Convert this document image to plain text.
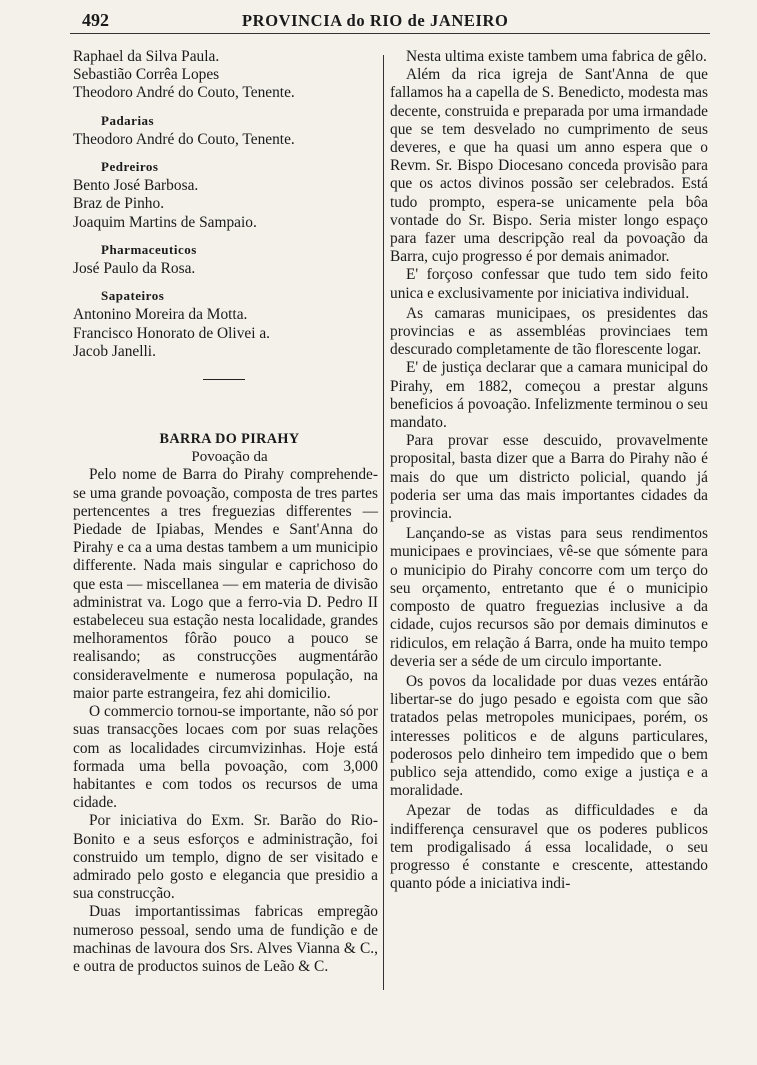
492	PROVINCIA do RIO de JANEIRO

Raphael da Silva Paula.

Sebastião Corrêa Lopes

Theodoro André do Couto, Tenente.

Padarias

Theodoro André do Couto, Tenente.

Pedreiros

Bento José Barbosa.

Braz de Pinho.

Joaquim Martins de Sampaio.

Pharmaceuticos

José Paulo da Rosa.

Sapateiros

Antonino Moreira da Motta.

Francisco Honorato de Olivei a.

Jacob Janelli.

BARRA DO PIRAHY
Povoação da

Pelo nome de Barra do Pirahy comprehende-se uma grande povoação, composta de tres partes pertencentes a tres freguezias differentes — Piedade de Ipiabas, Mendes e Sant'Anna do Pirahy e ca a uma destas tambem a um municipio differente. Nada mais singular e caprichoso do que esta — miscellanea — em materia de divisão administrat va. Logo que a ferro-via D. Pedro II estabeleceu sua estação nesta localidade, grandes melhoramentos fôrão pouco a pouco se realisando; as construcções augmentárão consideravelmente e numerosa população, na maior parte estrangeira, fez ahi domicilio.

O commercio tornou-se importante, não só por suas transacções locaes com por suas relações com as localidades circumvizinhas. Hoje está formada uma bella povoação, com 3,000 habitantes e com todos os recursos de uma cidade.

Por iniciativa do Exm. Sr. Barão do Rio-Bonito e a seus esforços e administração, foi construido um templo, digno de ser visitado e admirado pelo gosto e elegancia que presidio a sua construcção.

Duas importantissimas fabricas empregão numeroso pessoal, sendo uma de fundição e de machinas de lavoura dos Srs. Alves Vianna & C., e outra de productos suinos de Leão & C.

Nesta ultima existe tambem uma fabrica de gêlo.

Além da rica igreja de Sant'Anna de que fallamos ha a capella de S. Benedicto, modesta mas decente, construida e preparada por uma irmandade que se tem desvelado no cumprimento de seus deveres, e que ha quasi um anno espera que o Revm. Sr. Bispo Diocesano conceda provisão para que os actos divinos possão ser celebrados. Está tudo prompto, espera-se unicamente pela bôa vontade do Sr. Bispo. Seria mister longo espaço para fazer uma descripção real da povoação da Barra, cujo progresso é por demais animador.

E' forçoso confessar que tudo tem sido feito unica e exclusivamente por iniciativa individual.

As camaras municipaes, os presidentes das provincias e as assembléas provinciaes tem descurado completamente de tão florescente logar.

E' de justiça declarar que a camara municipal do Pirahy, em 1882, começou a prestar alguns beneficios á povoação. Infelizmente terminou o seu mandato.

Para provar esse descuido, provavelmente proposital, basta dizer que a Barra do Pirahy não é mais do que um districto policial, quando já poderia ser uma das mais importantes cidades da provincia.

Lançando-se as vistas para seus rendimentos municipaes e provinciaes, vê-se que sómente para o municipio do Pirahy concorre com um terço do seu orçamento, entretanto que é o municipio composto de quatro freguezias inclusive a da cidade, cujos recursos são por demais diminutos e ridiculos, em relação á Barra, onde ha muito tempo deveria ser a séde de um circulo importante.

Os povos da localidade por duas vezes entárão libertar-se do jugo pesado e egoista com que são tratados pelas metropoles municipaes, porém, os interesses politicos e de alguns particulares, poderosos pelo dinheiro tem impedido que o bem publico seja attendido, como exige a justiça e a moralidade.

Apezar de todas as difficuldades e da indifferença censuravel que os poderes publicos tem prodigalisado á essa localidade, o seu progresso é constante e crescente, attestando quanto póde a iniciativa indi-
